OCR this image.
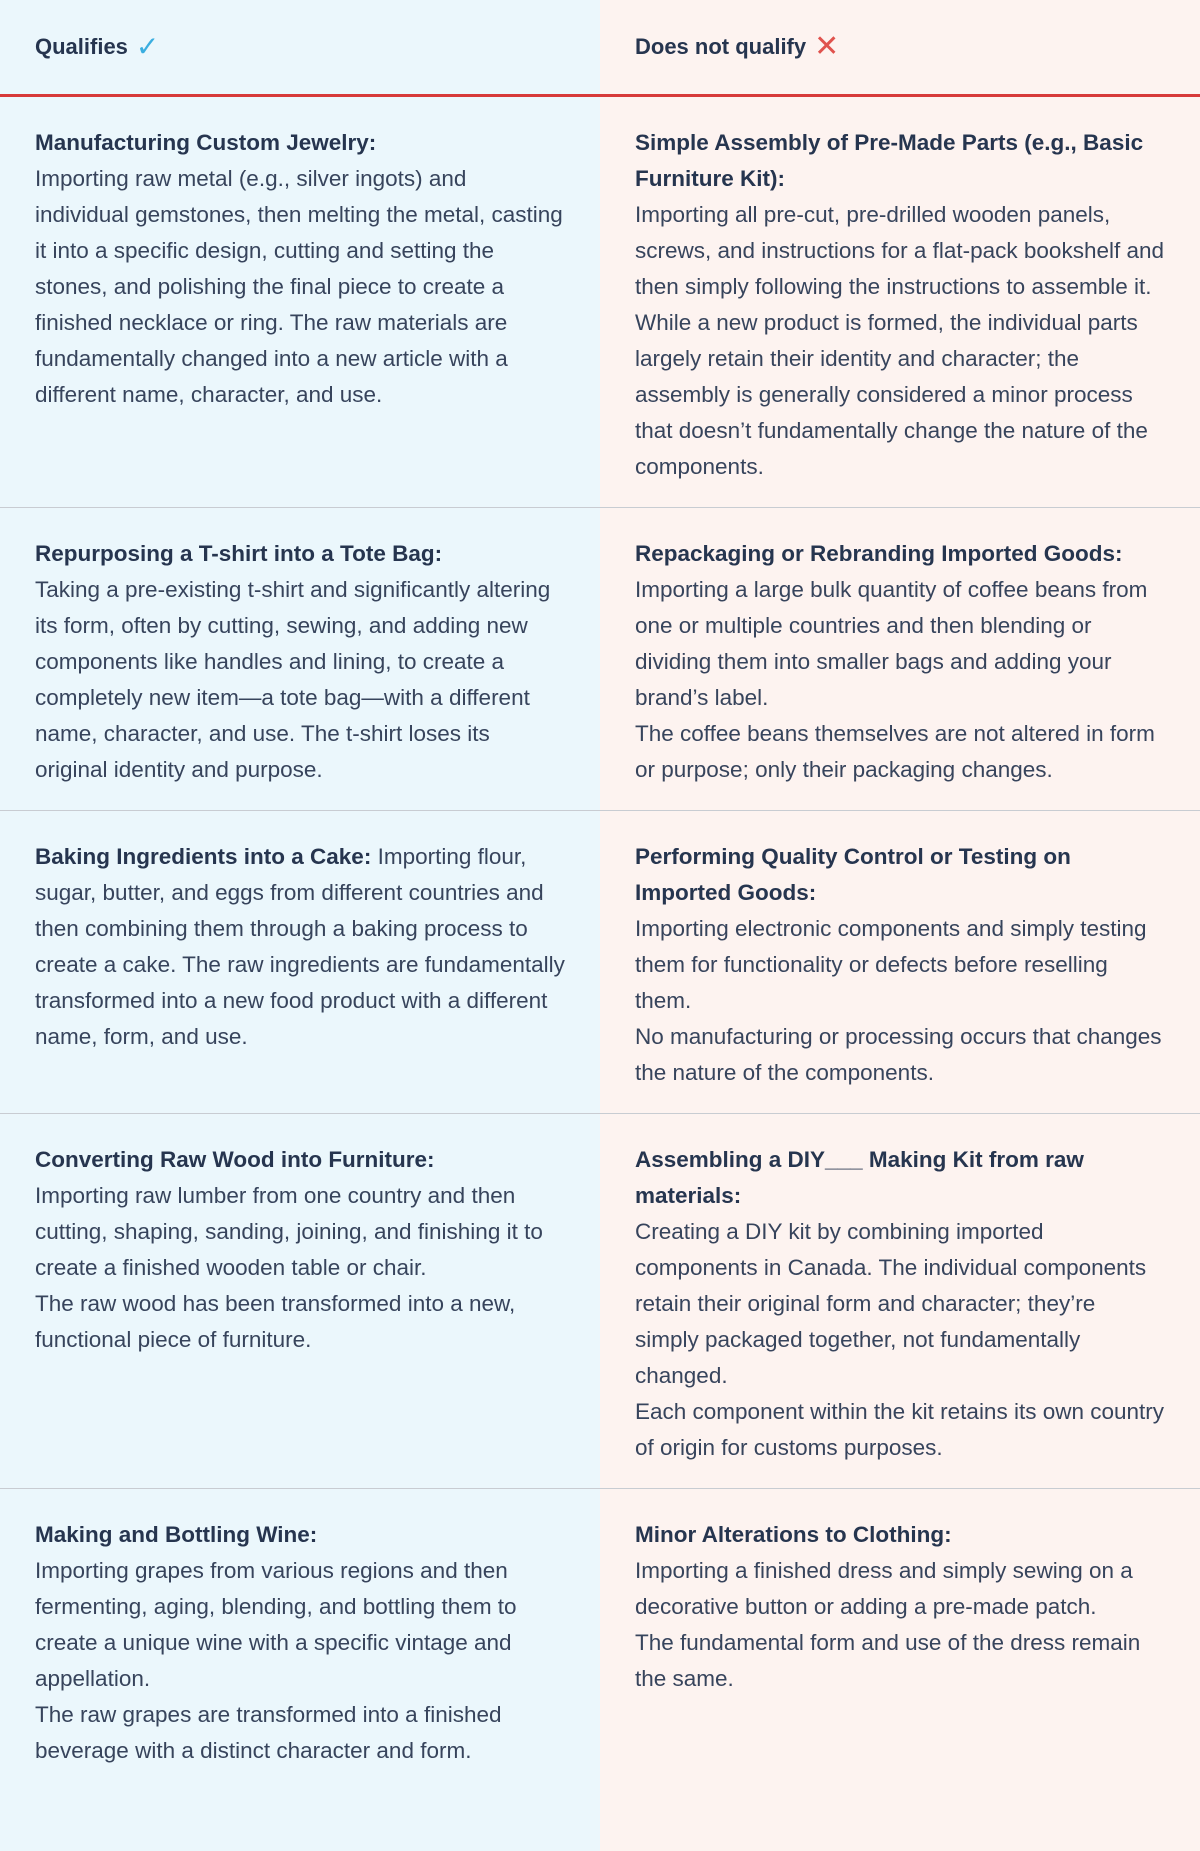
Qualifies ✓	Does not qualify ✕
Manufacturing Custom Jewelry:
Importing raw metal (e.g., silver ingots) and individual gemstones, then melting the metal, casting it into a specific design, cutting and setting the stones, and polishing the final piece to create a finished necklace or ring. The raw materials are fundamentally changed into a new article with a different name, character, and use.
Simple Assembly of Pre-Made Parts (e.g., Basic Furniture Kit):
Importing all pre-cut, pre-drilled wooden panels, screws, and instructions for a flat-pack bookshelf and then simply following the instructions to assemble it. While a new product is formed, the individual parts largely retain their identity and character; the assembly is generally considered a minor process that doesn’t fundamentally change the nature of the components.
Repurposing a T-shirt into a Tote Bag:
Taking a pre-existing t-shirt and significantly altering its form, often by cutting, sewing, and adding new components like handles and lining, to create a completely new item—a tote bag—with a different name, character, and use. The t-shirt loses its original identity and purpose.
Repackaging or Rebranding Imported Goods:
Importing a large bulk quantity of coffee beans from one or multiple countries and then blending or dividing them into smaller bags and adding your brand’s label.
The coffee beans themselves are not altered in form or purpose; only their packaging changes.
Baking Ingredients into a Cake: Importing flour, sugar, butter, and eggs from different countries and then combining them through a baking process to create a cake. The raw ingredients are fundamentally transformed into a new food product with a different name, form, and use.
Performing Quality Control or Testing on Imported Goods:
Importing electronic components and simply testing them for functionality or defects before reselling them.
No manufacturing or processing occurs that changes the nature of the components.
Converting Raw Wood into Furniture:
Importing raw lumber from one country and then cutting, shaping, sanding, joining, and finishing it to create a finished wooden table or chair.
The raw wood has been transformed into a new, functional piece of furniture.
Assembling a DIY___ Making Kit from raw materials:
Creating a DIY kit by combining imported components in Canada. The individual components retain their original form and character; they’re simply packaged together, not fundamentally changed.
Each component within the kit retains its own country of origin for customs purposes.
Making and Bottling Wine:
Importing grapes from various regions and then fermenting, aging, blending, and bottling them to create a unique wine with a specific vintage and appellation.
The raw grapes are transformed into a finished beverage with a distinct character and form.
Minor Alterations to Clothing:
Importing a finished dress and simply sewing on a decorative button or adding a pre-made patch.
The fundamental form and use of the dress remain the same.
